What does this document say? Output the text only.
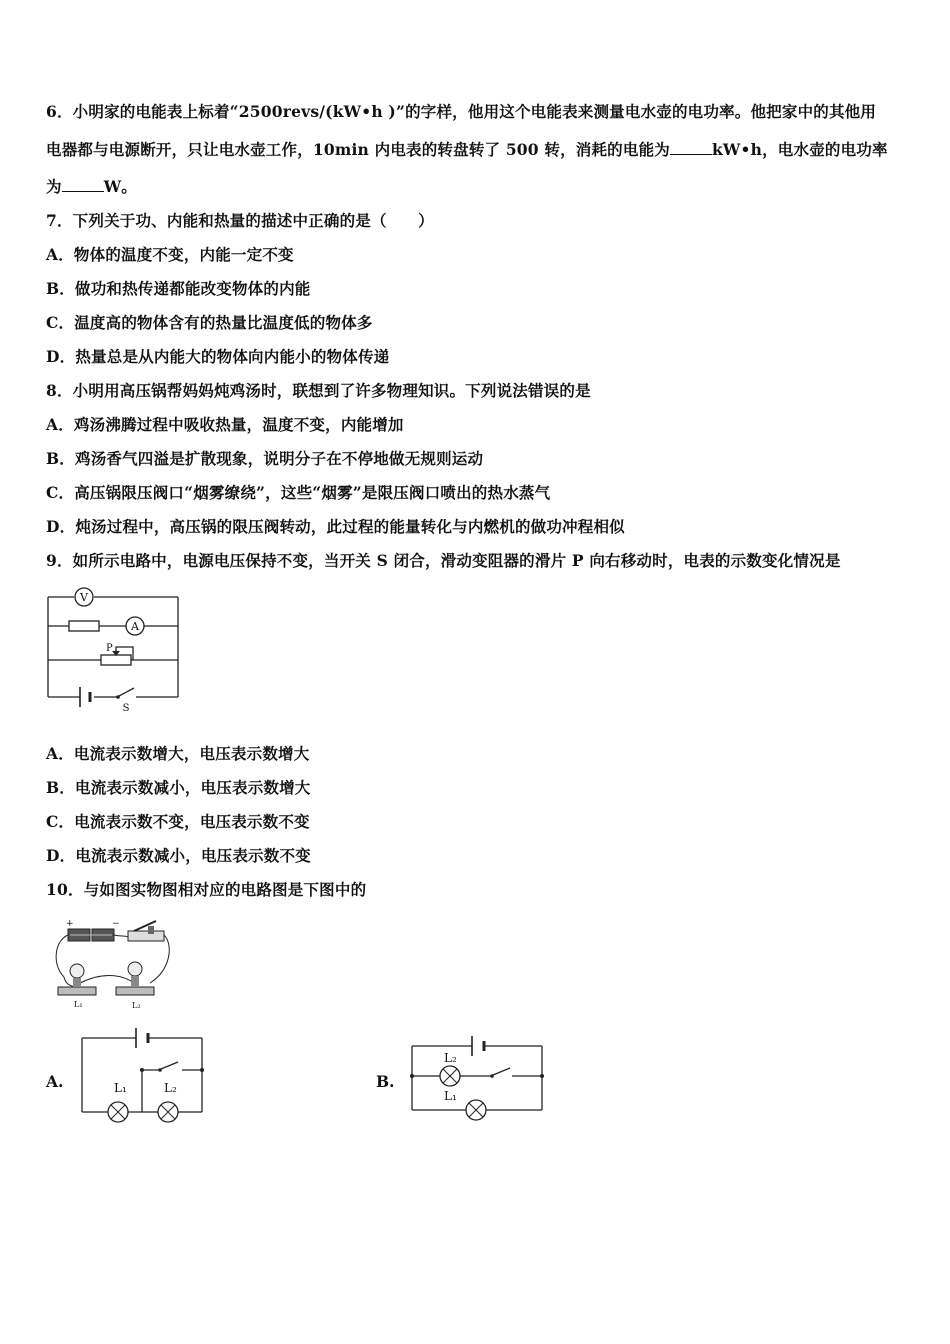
6．小明家的电能表上标着“2500revs/(kW•h )”的字样，他用这个电能表来测量电水壶的电功率。他把家中的其他用
电器都与电源断开，只让电水壶工作，10min 内电表的转盘转了 500 转，消耗的电能为	kW•h，电水壶的电功率
为	W。
7．下列关于功、内能和热量的描述中正确的是（　　）
A．物体的温度不变，内能一定不变
B．做功和热传递都能改变物体的内能
C．温度高的物体含有的热量比温度低的物体多
D．热量总是从内能大的物体向内能小的物体传递
8．小明用高压锅帮妈妈炖鸡汤时，联想到了许多物理知识。下列说法错误的是
A．鸡汤沸腾过程中吸收热量，温度不变，内能增加
B．鸡汤香气四溢是扩散现象，说明分子在不停地做无规则运动
C．高压锅限压阀口“烟雾缭绕”，这些“烟雾”是限压阀口喷出的热水蒸气
D．炖汤过程中，高压锅的限压阀转动，此过程的能量转化与内燃机的做功冲程相似
9．如所示电路中，电源电压保持不变，当开关 S 闭合，滑动变阻器的滑片 P 向右移动时，电表的示数变化情况是
V
A
P
S
A．电流表示数增大，电压表示数增大
B．电流表示数减小，电压表示数增大
C．电流表示数不变，电压表示数不变
D．电流表示数减小，电压表示数不变
10．与如图实物图相对应的电路图是下图中的
+	−
L₁	L₂
A.	L₁	L₂	B.
L₂
L₁
